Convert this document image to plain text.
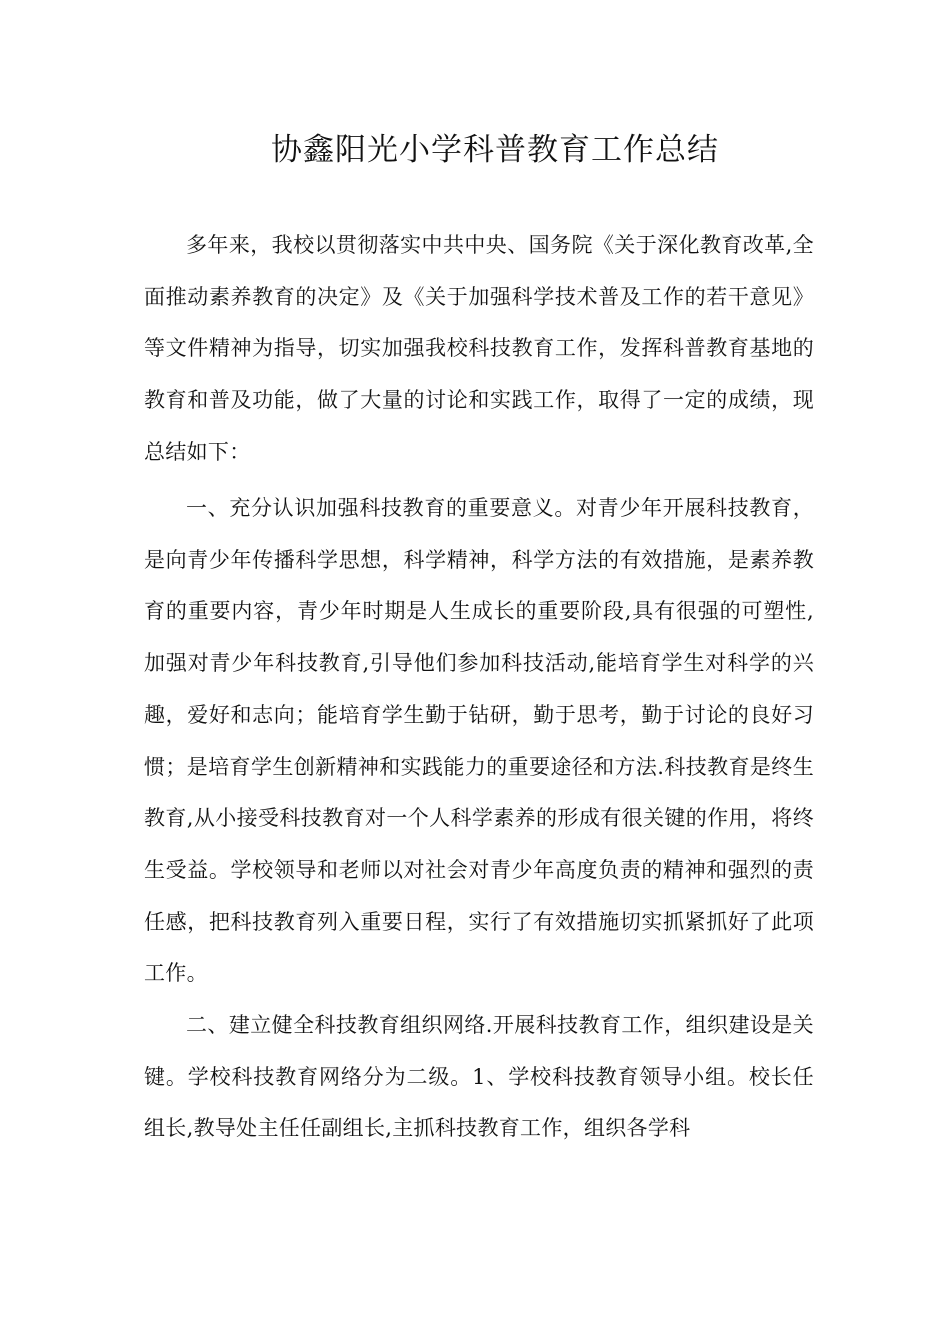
协鑫阳光小学科普教育工作总结

多年来，我校以贯彻落实中共中央、国务院《关于深化教育改革,全面推动素养教育的决定》及《关于加强科学技术普及工作的若干意见》等文件精神为指导，切实加强我校科技教育工作，发挥科普教育基地的教育和普及功能，做了大量的讨论和实践工作，取得了一定的成绩，现总结如下：

一、充分认识加强科技教育的重要意义。对青少年开展科技教育，是向青少年传播科学思想，科学精神，科学方法的有效措施，是素养教育的重要内容，青少年时期是人生成长的重要阶段,具有很强的可塑性,加强对青少年科技教育,引导他们参加科技活动,能培育学生对科学的兴趣，爱好和志向；能培育学生勤于钻研，勤于思考，勤于讨论的良好习惯；是培育学生创新精神和实践能力的重要途径和方法.科技教育是终生教育,从小接受科技教育对一个人科学素养的形成有很关键的作用，将终生受益。学校领导和老师以对社会对青少年高度负责的精神和强烈的责任感，把科技教育列入重要日程，实行了有效措施切实抓紧抓好了此项工作。

二、建立健全科技教育组织网络.开展科技教育工作，组织建设是关键。学校科技教育网络分为二级。1、学校科技教育领导小组。校长任组长,教导处主任任副组长,主抓科技教育工作，组织各学科
